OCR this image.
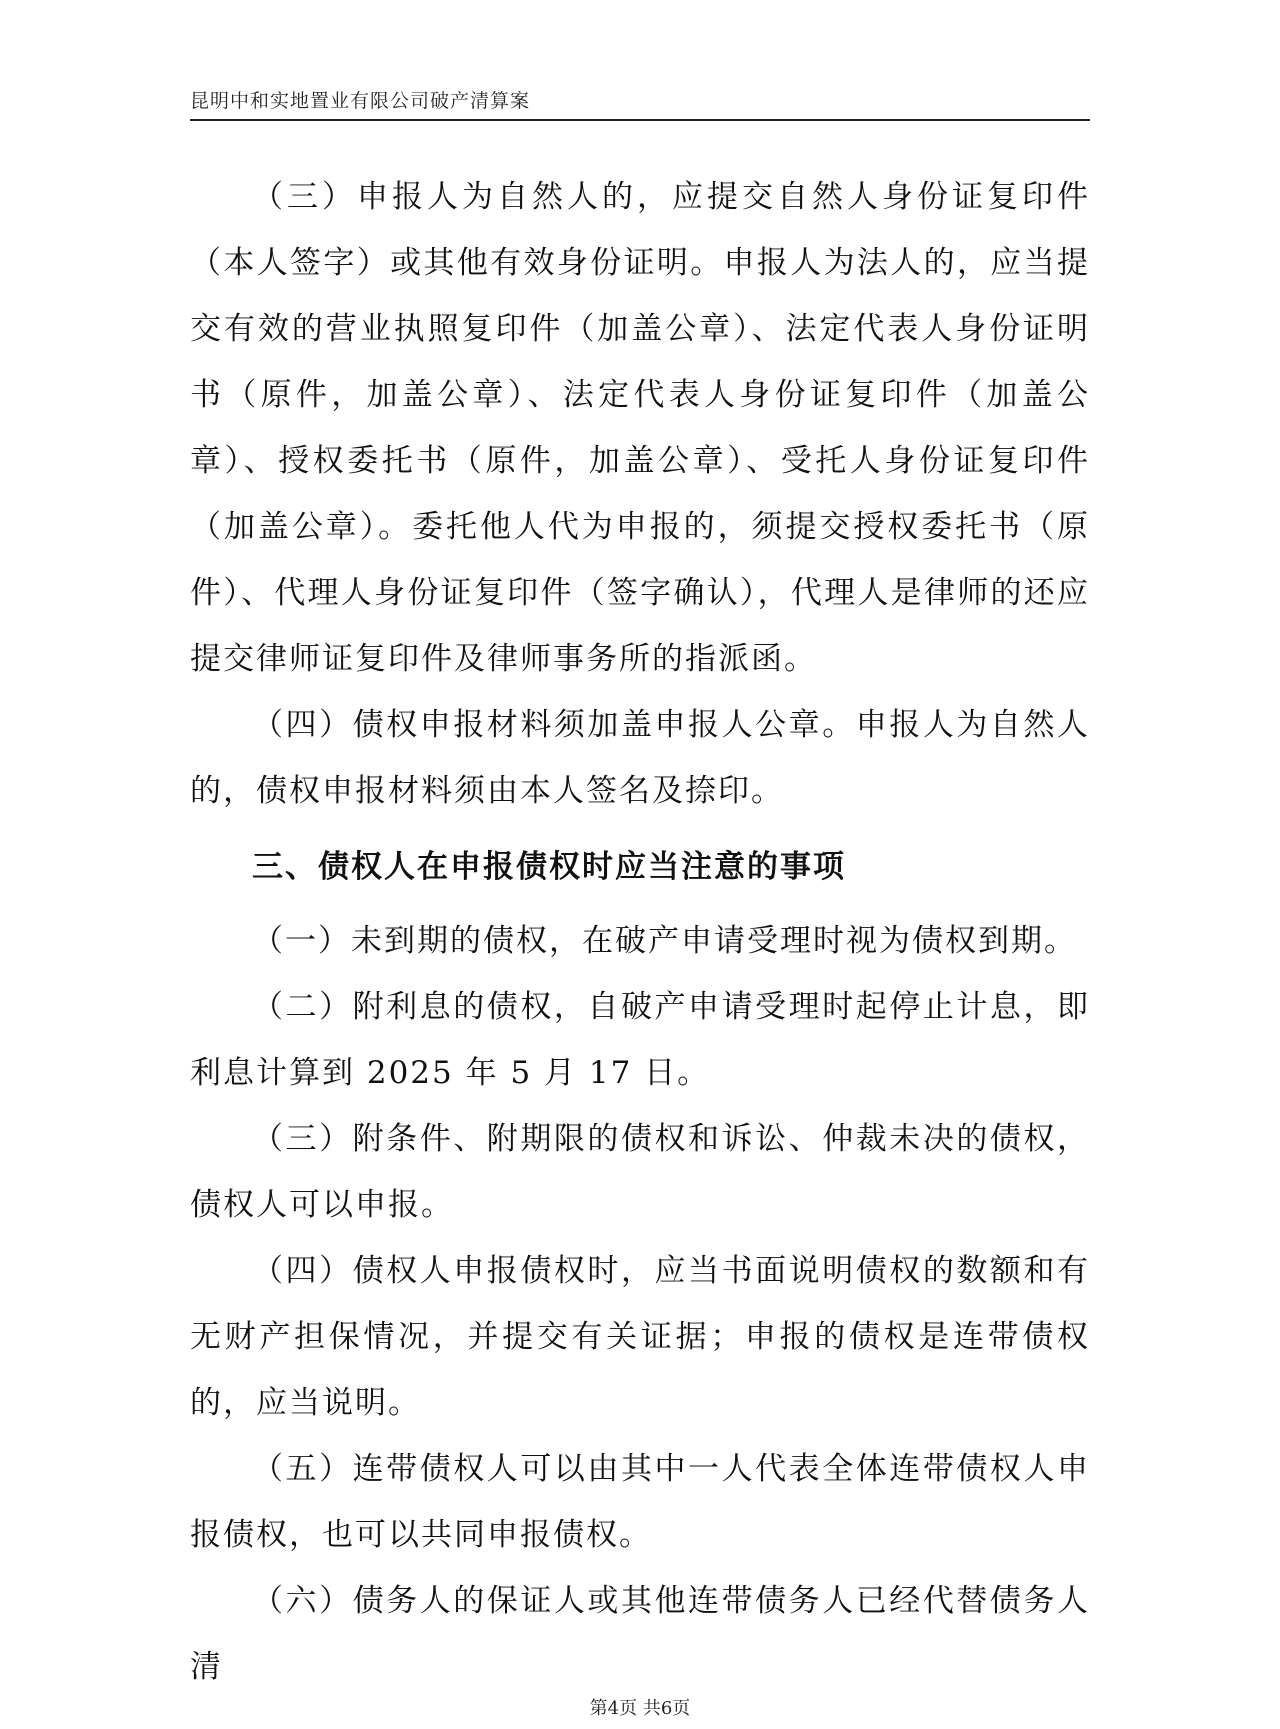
昆明中和实地置业有限公司破产清算案

（三）申报人为自然人的，应提交自然人身份证复印件（本人签字）或其他有效身份证明。申报人为法人的，应当提交有效的营业执照复印件（加盖公章）、法定代表人身份证明书（原件，加盖公章）、法定代表人身份证复印件（加盖公章）、授权委托书（原件，加盖公章）、受托人身份证复印件（加盖公章）。委托他人代为申报的，须提交授权委托书（原件）、代理人身份证复印件（签字确认），代理人是律师的还应提交律师证复印件及律师事务所的指派函。

（四）债权申报材料须加盖申报人公章。申报人为自然人的，债权申报材料须由本人签名及捺印。

三、债权人在申报债权时应当注意的事项

（一）未到期的债权，在破产申请受理时视为债权到期。

（二）附利息的债权，自破产申请受理时起停止计息，即利息计算到 2025 年 5 月 17 日。

（三）附条件、附期限的债权和诉讼、仲裁未决的债权，债权人可以申报。

（四）债权人申报债权时，应当书面说明债权的数额和有无财产担保情况，并提交有关证据；申报的债权是连带债权的，应当说明。

（五）连带债权人可以由其中一人代表全体连带债权人申报债权，也可以共同申报债权。

（六）债务人的保证人或其他连带债务人已经代替债务人清

第4页 共6页
